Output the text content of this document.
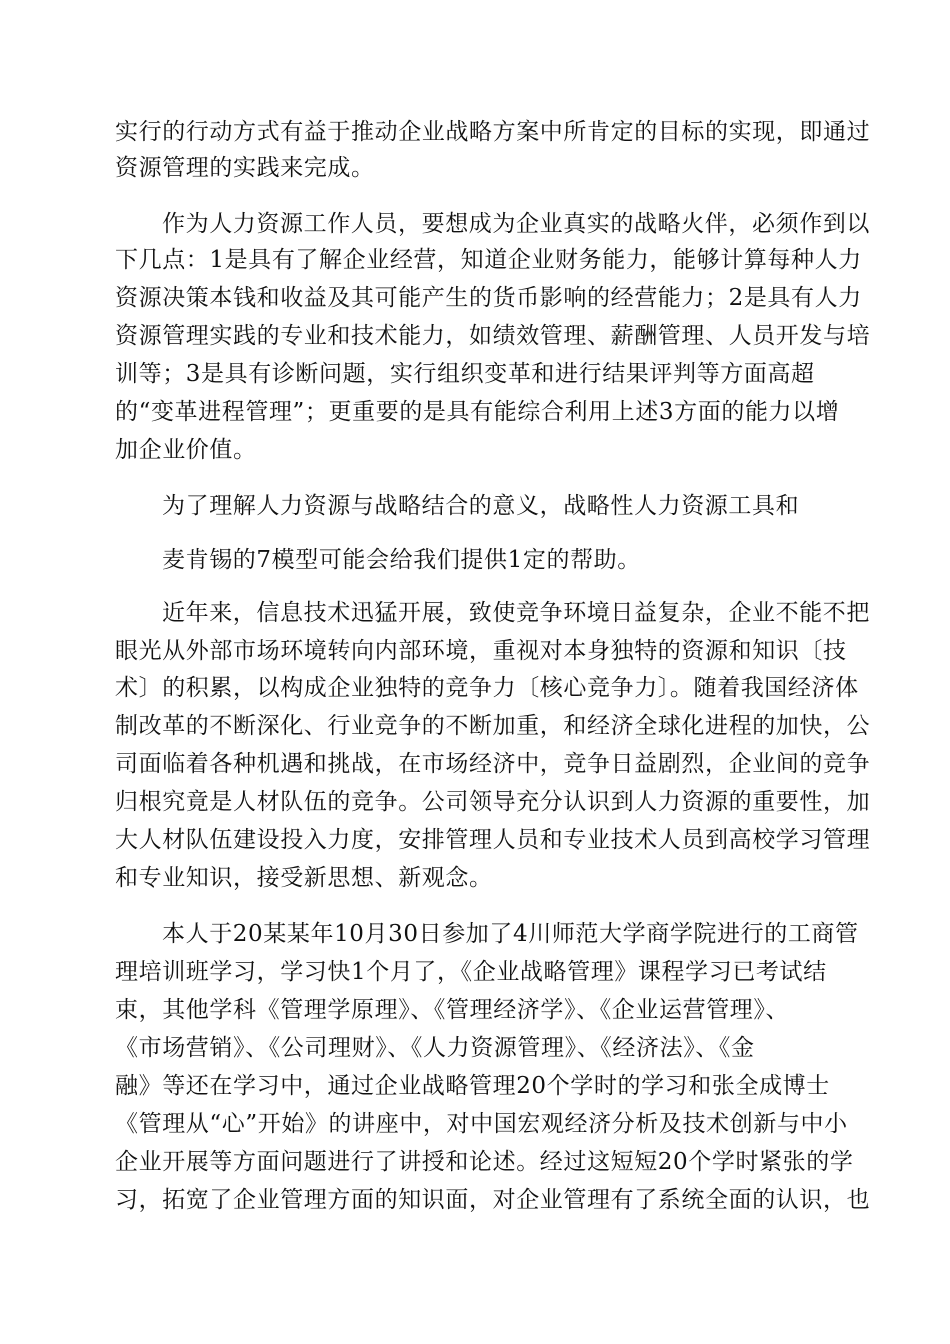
实行的行动方式有益于推动企业战略方案中所肯定的目标的实现，即通过
资源管理的实践来完成。
作为人力资源工作人员，要想成为企业真实的战略火伴，必须作到以
下几点：1是具有了解企业经营，知道企业财务能力，能够计算每种人力
资源决策本钱和收益及其可能产生的货币影响的经营能力；2是具有人力
资源管理实践的专业和技术能力，如绩效管理、薪酬管理、人员开发与培
训等；3是具有诊断问题，实行组织变革和进行结果评判等方面高超
的“变革进程管理”；更重要的是具有能综合利用上述3方面的能力以增
加企业价值。
为了理解人力资源与战略结合的意义，战略性人力资源工具和
麦肯锡的7模型可能会给我们提供1定的帮助。
近年来，信息技术迅猛开展，致使竞争环境日益复杂，企业不能不把
眼光从外部市场环境转向内部环境，重视对本身独特的资源和知识〔技
术〕的积累，以构成企业独特的竞争力〔核心竞争力〕。随着我国经济体
制改革的不断深化、行业竞争的不断加重，和经济全球化进程的加快，公
司面临着各种机遇和挑战，在市场经济中，竞争日益剧烈，企业间的竞争
归根究竟是人材队伍的竞争。公司领导充分认识到人力资源的重要性，加
大人材队伍建设投入力度，安排管理人员和专业技术人员到高校学习管理
和专业知识，接受新思想、新观念。
本人于20某某年10月30日参加了4川师范大学商学院进行的工商管
理培训班学习，学习快1个月了，《企业战略管理》课程学习已考试结
束，其他学科《管理学原理》、《管理经济学》、《企业运营管理》、
《市场营销》、《公司理财》、《人力资源管理》、《经济法》、《金
融》等还在学习中，通过企业战略管理20个学时的学习和张全成博士
《管理从“心”开始》的讲座中，对中国宏观经济分析及技术创新与中小
企业开展等方面问题进行了讲授和论述。经过这短短20个学时紧张的学
习，拓宽了企业管理方面的知识面，对企业管理有了系统全面的认识，也
